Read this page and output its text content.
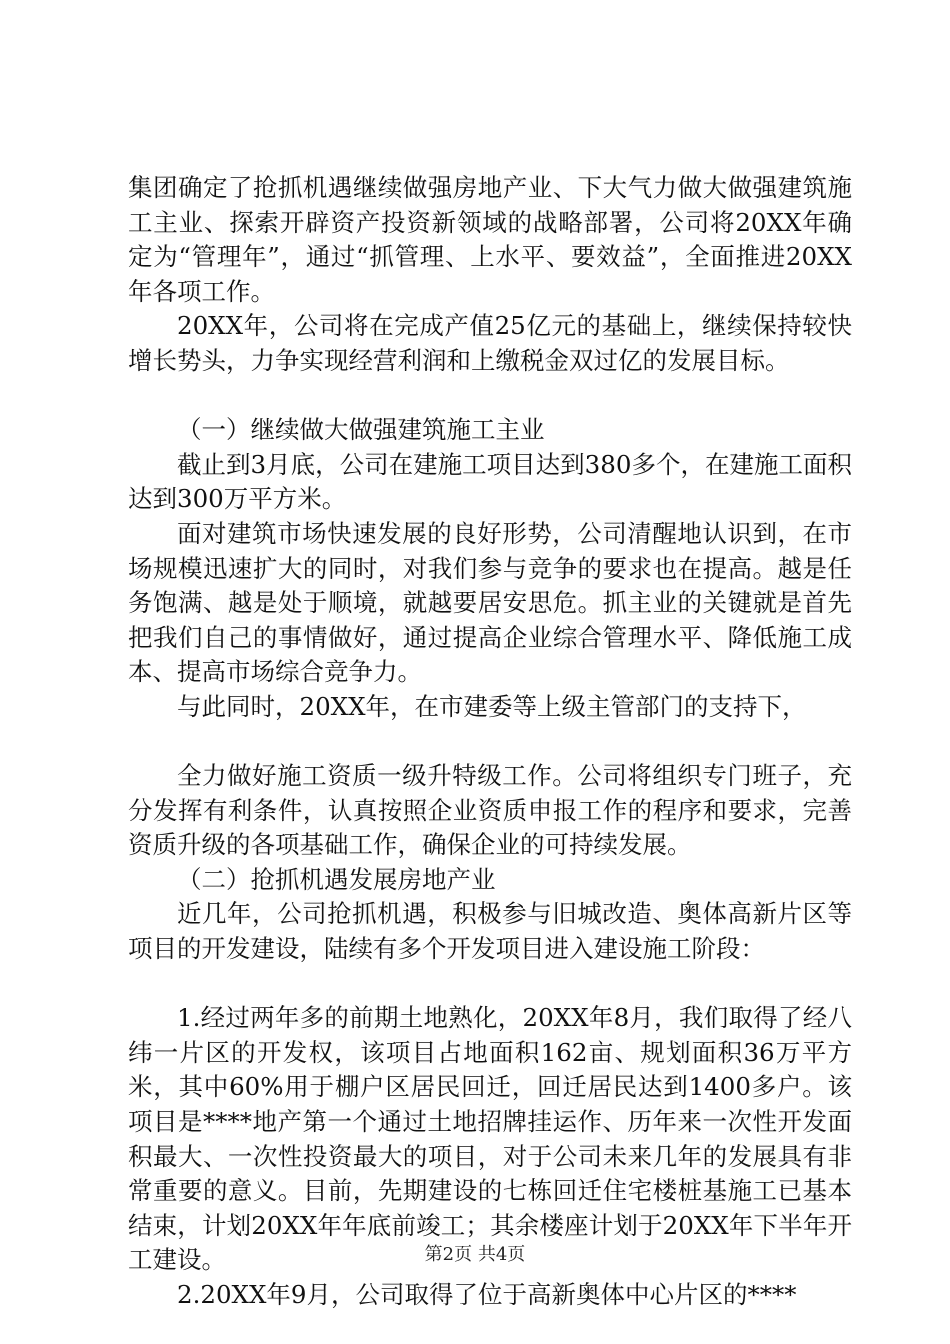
集团确定了抢抓机遇继续做强房地产业、下大气力做大做强建筑施工主业、探索开辟资产投资新领域的战略部署，公司将20XX年确定为“管理年”，通过“抓管理、上水平、要效益”，全面推进20XX年各项工作。

20XX年，公司将在完成产值25亿元的基础上，继续保持较快增长势头，力争实现经营利润和上缴税金双过亿的发展目标。

（一）继续做大做强建筑施工主业

截止到3月底，公司在建施工项目达到380多个，在建施工面积达到300万平方米。

面对建筑市场快速发展的良好形势，公司清醒地认识到，在市场规模迅速扩大的同时，对我们参与竞争的要求也在提高。越是任务饱满、越是处于顺境，就越要居安思危。抓主业的关键就是首先把我们自己的事情做好，通过提高企业综合管理水平、降低施工成本、提高市场综合竞争力。

与此同时，20XX年，在市建委等上级主管部门的支持下，

全力做好施工资质一级升特级工作。公司将组织专门班子，充分发挥有利条件，认真按照企业资质申报工作的程序和要求，完善资质升级的各项基础工作，确保企业的可持续发展。

（二）抢抓机遇发展房地产业

近几年，公司抢抓机遇，积极参与旧城改造、奥体高新片区等项目的开发建设，陆续有多个开发项目进入建设施工阶段：

1.经过两年多的前期土地熟化，20XX年8月，我们取得了经八纬一片区的开发权，该项目占地面积162亩、规划面积36万平方米，其中60%用于棚户区居民回迁，回迁居民达到1400多户。该项目是****地产第一个通过土地招牌挂运作、历年来一次性开发面积最大、一次性投资最大的项目，对于公司未来几年的发展具有非常重要的意义。目前，先期建设的七栋回迁住宅楼桩基施工已基本结束，计划20XX年年底前竣工；其余楼座计划于20XX年下半年开工建设。

2.20XX年9月，公司取得了位于高新奥体中心片区的****

第2页 共4页
